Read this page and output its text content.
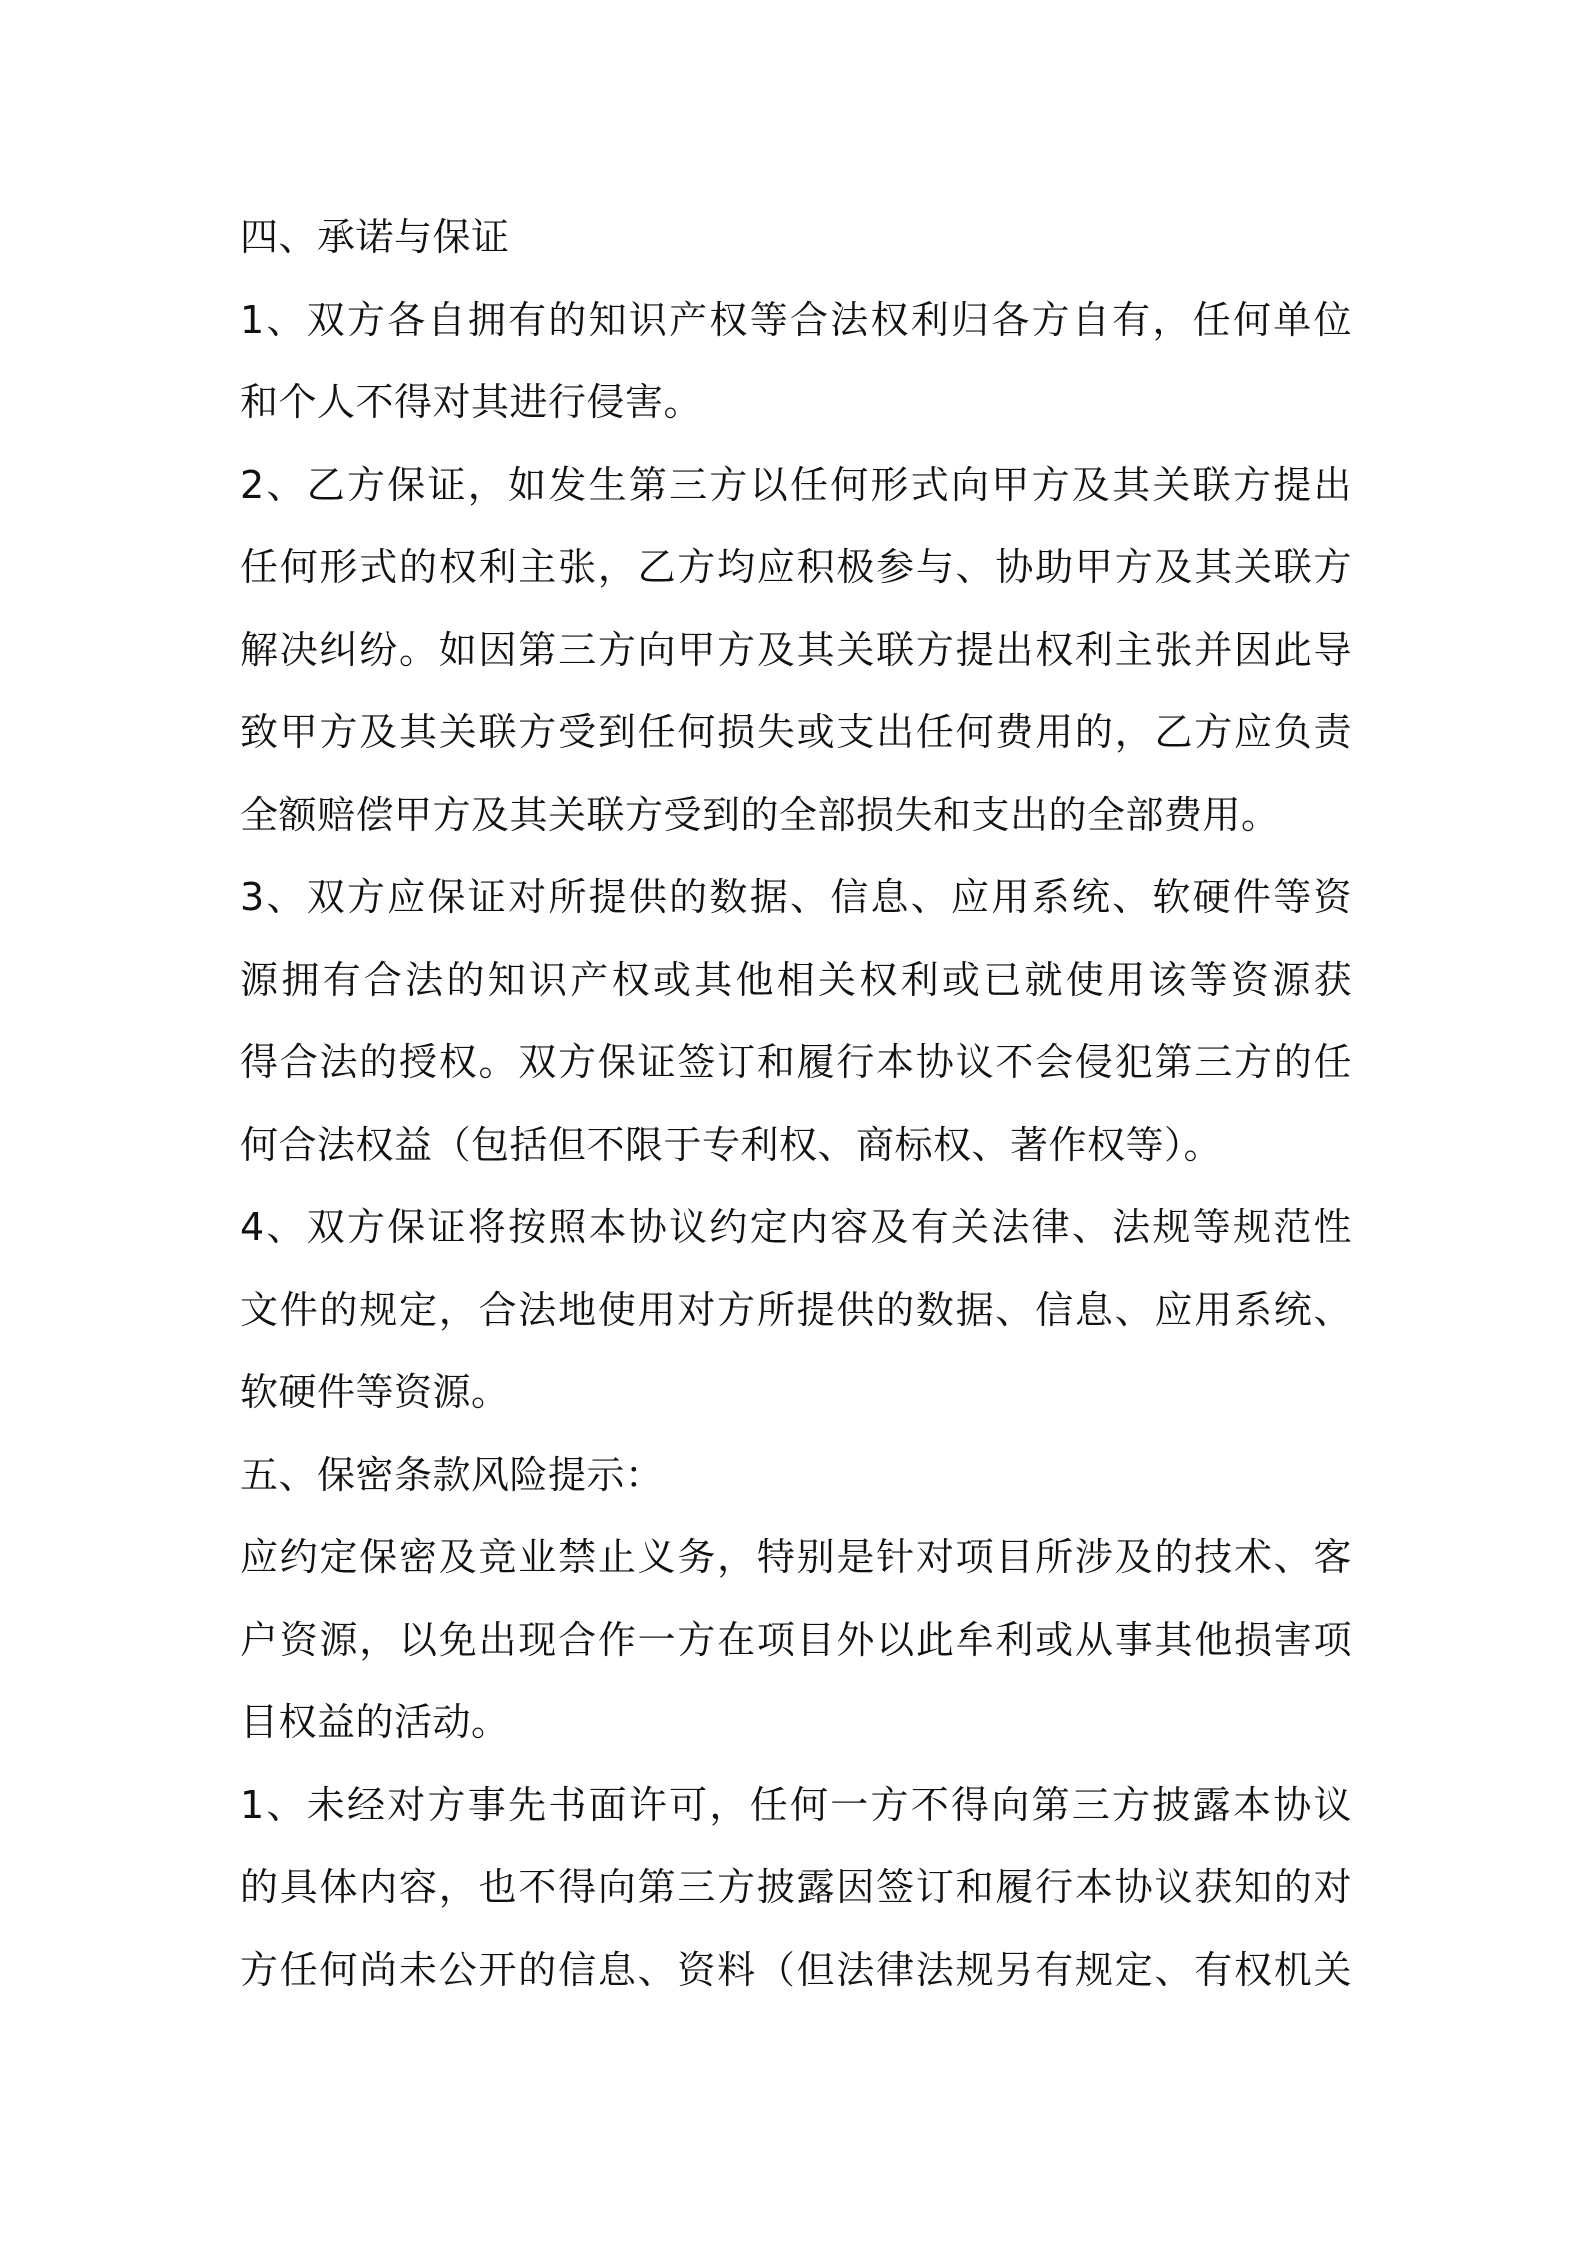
四、承诺与保证
1、双方各自拥有的知识产权等合法权利归各方自有，任何单位
和个人不得对其进行侵害。
2、乙方保证，如发生第三方以任何形式向甲方及其关联方提出
任何形式的权利主张，乙方均应积极参与、协助甲方及其关联方
解决纠纷。如因第三方向甲方及其关联方提出权利主张并因此导
致甲方及其关联方受到任何损失或支出任何费用的，乙方应负责
全额赔偿甲方及其关联方受到的全部损失和支出的全部费用。
3、双方应保证对所提供的数据、信息、应用系统、软硬件等资
源拥有合法的知识产权或其他相关权利或已就使用该等资源获
得合法的授权。双方保证签订和履行本协议不会侵犯第三方的任
何合法权益（包括但不限于专利权、商标权、著作权等）。
4、双方保证将按照本协议约定内容及有关法律、法规等规范性
文件的规定，合法地使用对方所提供的数据、信息、应用系统、
软硬件等资源。
五、保密条款风险提示：
应约定保密及竞业禁止义务，特别是针对项目所涉及的技术、客
户资源，以免出现合作一方在项目外以此牟利或从事其他损害项
目权益的活动。
1、未经对方事先书面许可，任何一方不得向第三方披露本协议
的具体内容，也不得向第三方披露因签订和履行本协议获知的对
方任何尚未公开的信息、资料（但法律法规另有规定、有权机关
